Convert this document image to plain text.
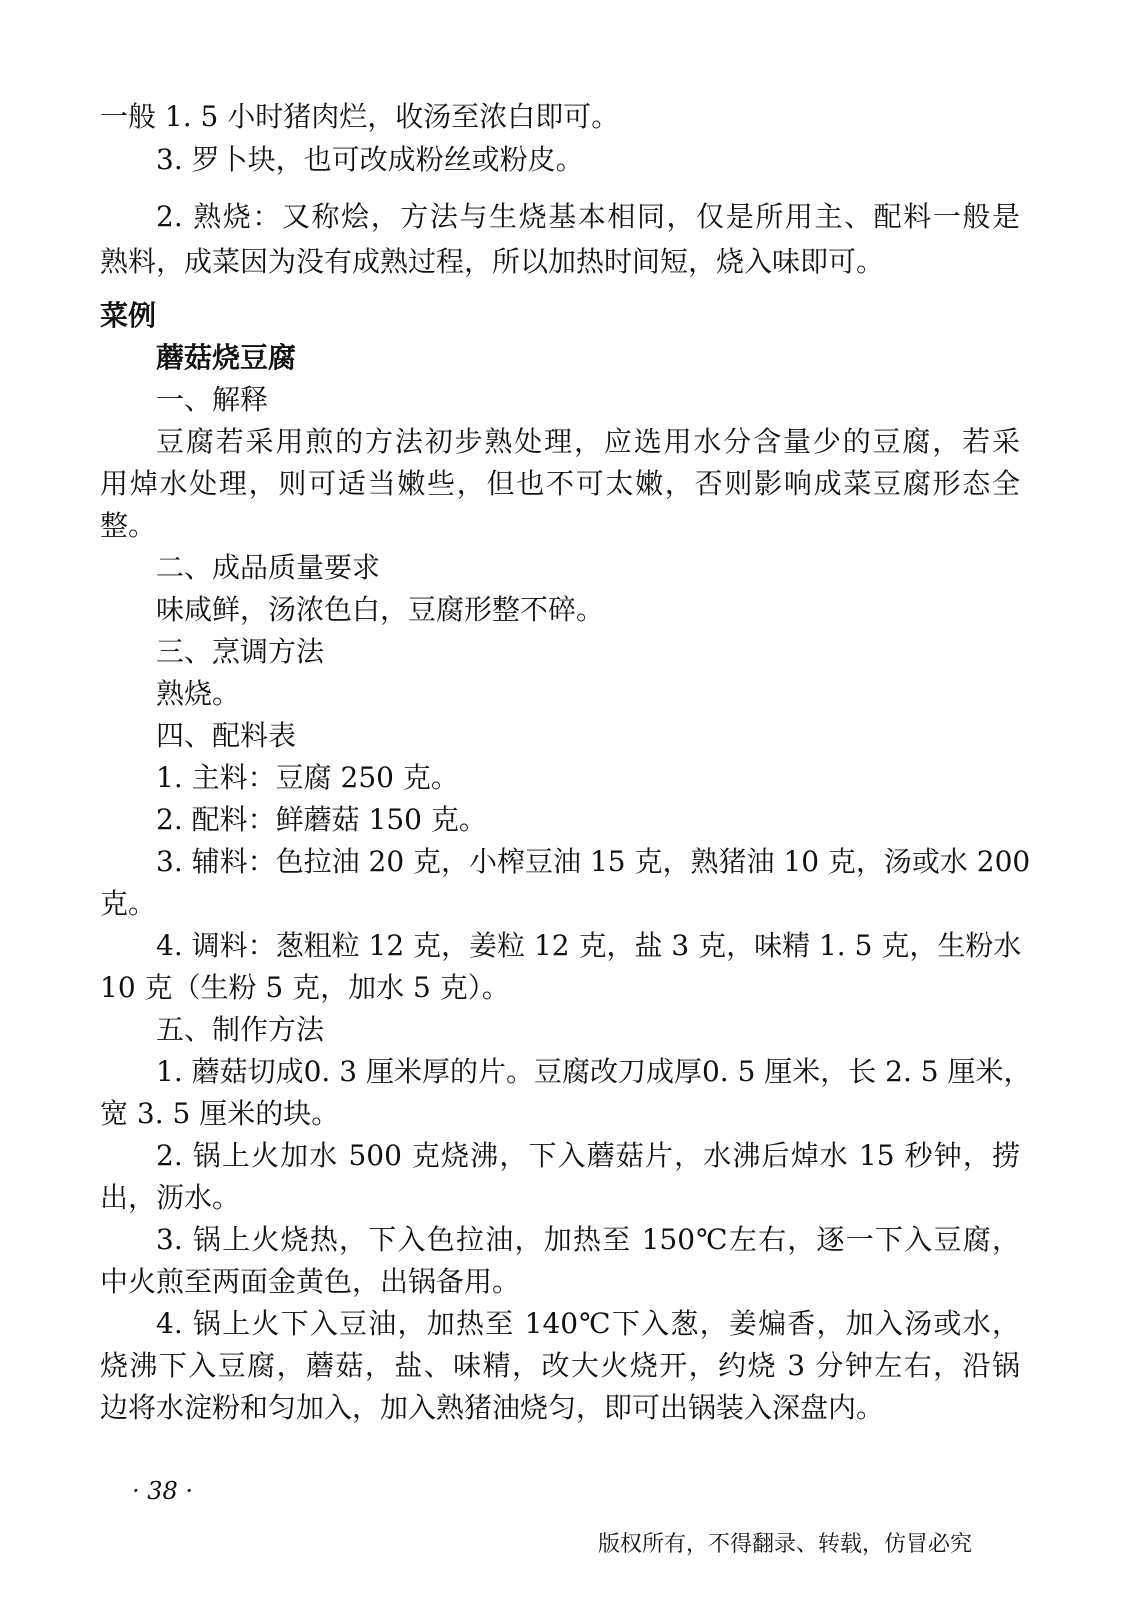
一般 1. 5 小时猪肉烂，收汤至浓白即可。
3. 罗卜块，也可改成粉丝或粉皮。
2. 熟烧：又称烩，方法与生烧基本相同，仅是所用主、配料一般是
熟料，成菜因为没有成熟过程，所以加热时间短，烧入味即可。
菜例
蘑菇烧豆腐
一、解释
豆腐若采用煎的方法初步熟处理，应选用水分含量少的豆腐，若采
用焯水处理，则可适当嫩些，但也不可太嫩，否则影响成菜豆腐形态全
整。
二、成品质量要求
味咸鲜，汤浓色白，豆腐形整不碎。
三、烹调方法
熟烧。
四、配料表
1. 主料：豆腐 250 克。
2. 配料：鲜蘑菇 150 克。
3. 辅料：色拉油 20 克，小榨豆油 15 克，熟猪油 10 克，汤或水 200
克。
4. 调料：葱粗粒 12 克，姜粒 12 克，盐 3 克，味精 1. 5 克，生粉水
10 克（生粉 5 克，加水 5 克）。
五、制作方法
1. 蘑菇切成0. 3 厘米厚的片。豆腐改刀成厚0. 5 厘米，长 2. 5 厘米，
宽 3. 5 厘米的块。
2. 锅上火加水 500 克烧沸，下入蘑菇片，水沸后焯水 15 秒钟，捞
出，沥水。
3. 锅上火烧热，下入色拉油，加热至 150℃左右，逐一下入豆腐，
中火煎至两面金黄色，出锅备用。
4. 锅上火下入豆油，加热至 140℃下入葱，姜煸香，加入汤或水，
烧沸下入豆腐，蘑菇，盐、味精，改大火烧开，约烧 3 分钟左右，沿锅
边将水淀粉和匀加入，加入熟猪油烧匀，即可出锅装入深盘内。
· 38 ·
版权所有，不得翻录、转载，仿冒必究
